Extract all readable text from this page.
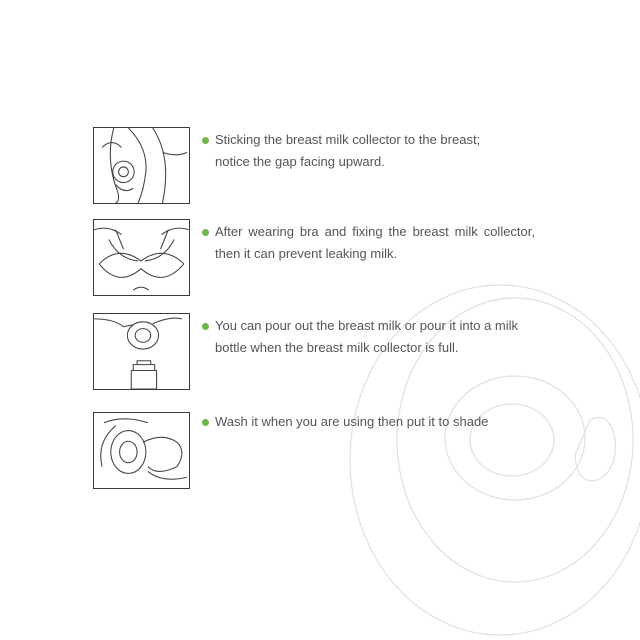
Sticking the breast milk collector to the breast; notice the gap facing upward.
After wearing bra and fixing the breast milk collector, then it can prevent leaking milk.
You can pour out the breast milk or pour it into a milk bottle when the breast milk collector is full.
Wash it when you are using then put it to shade
